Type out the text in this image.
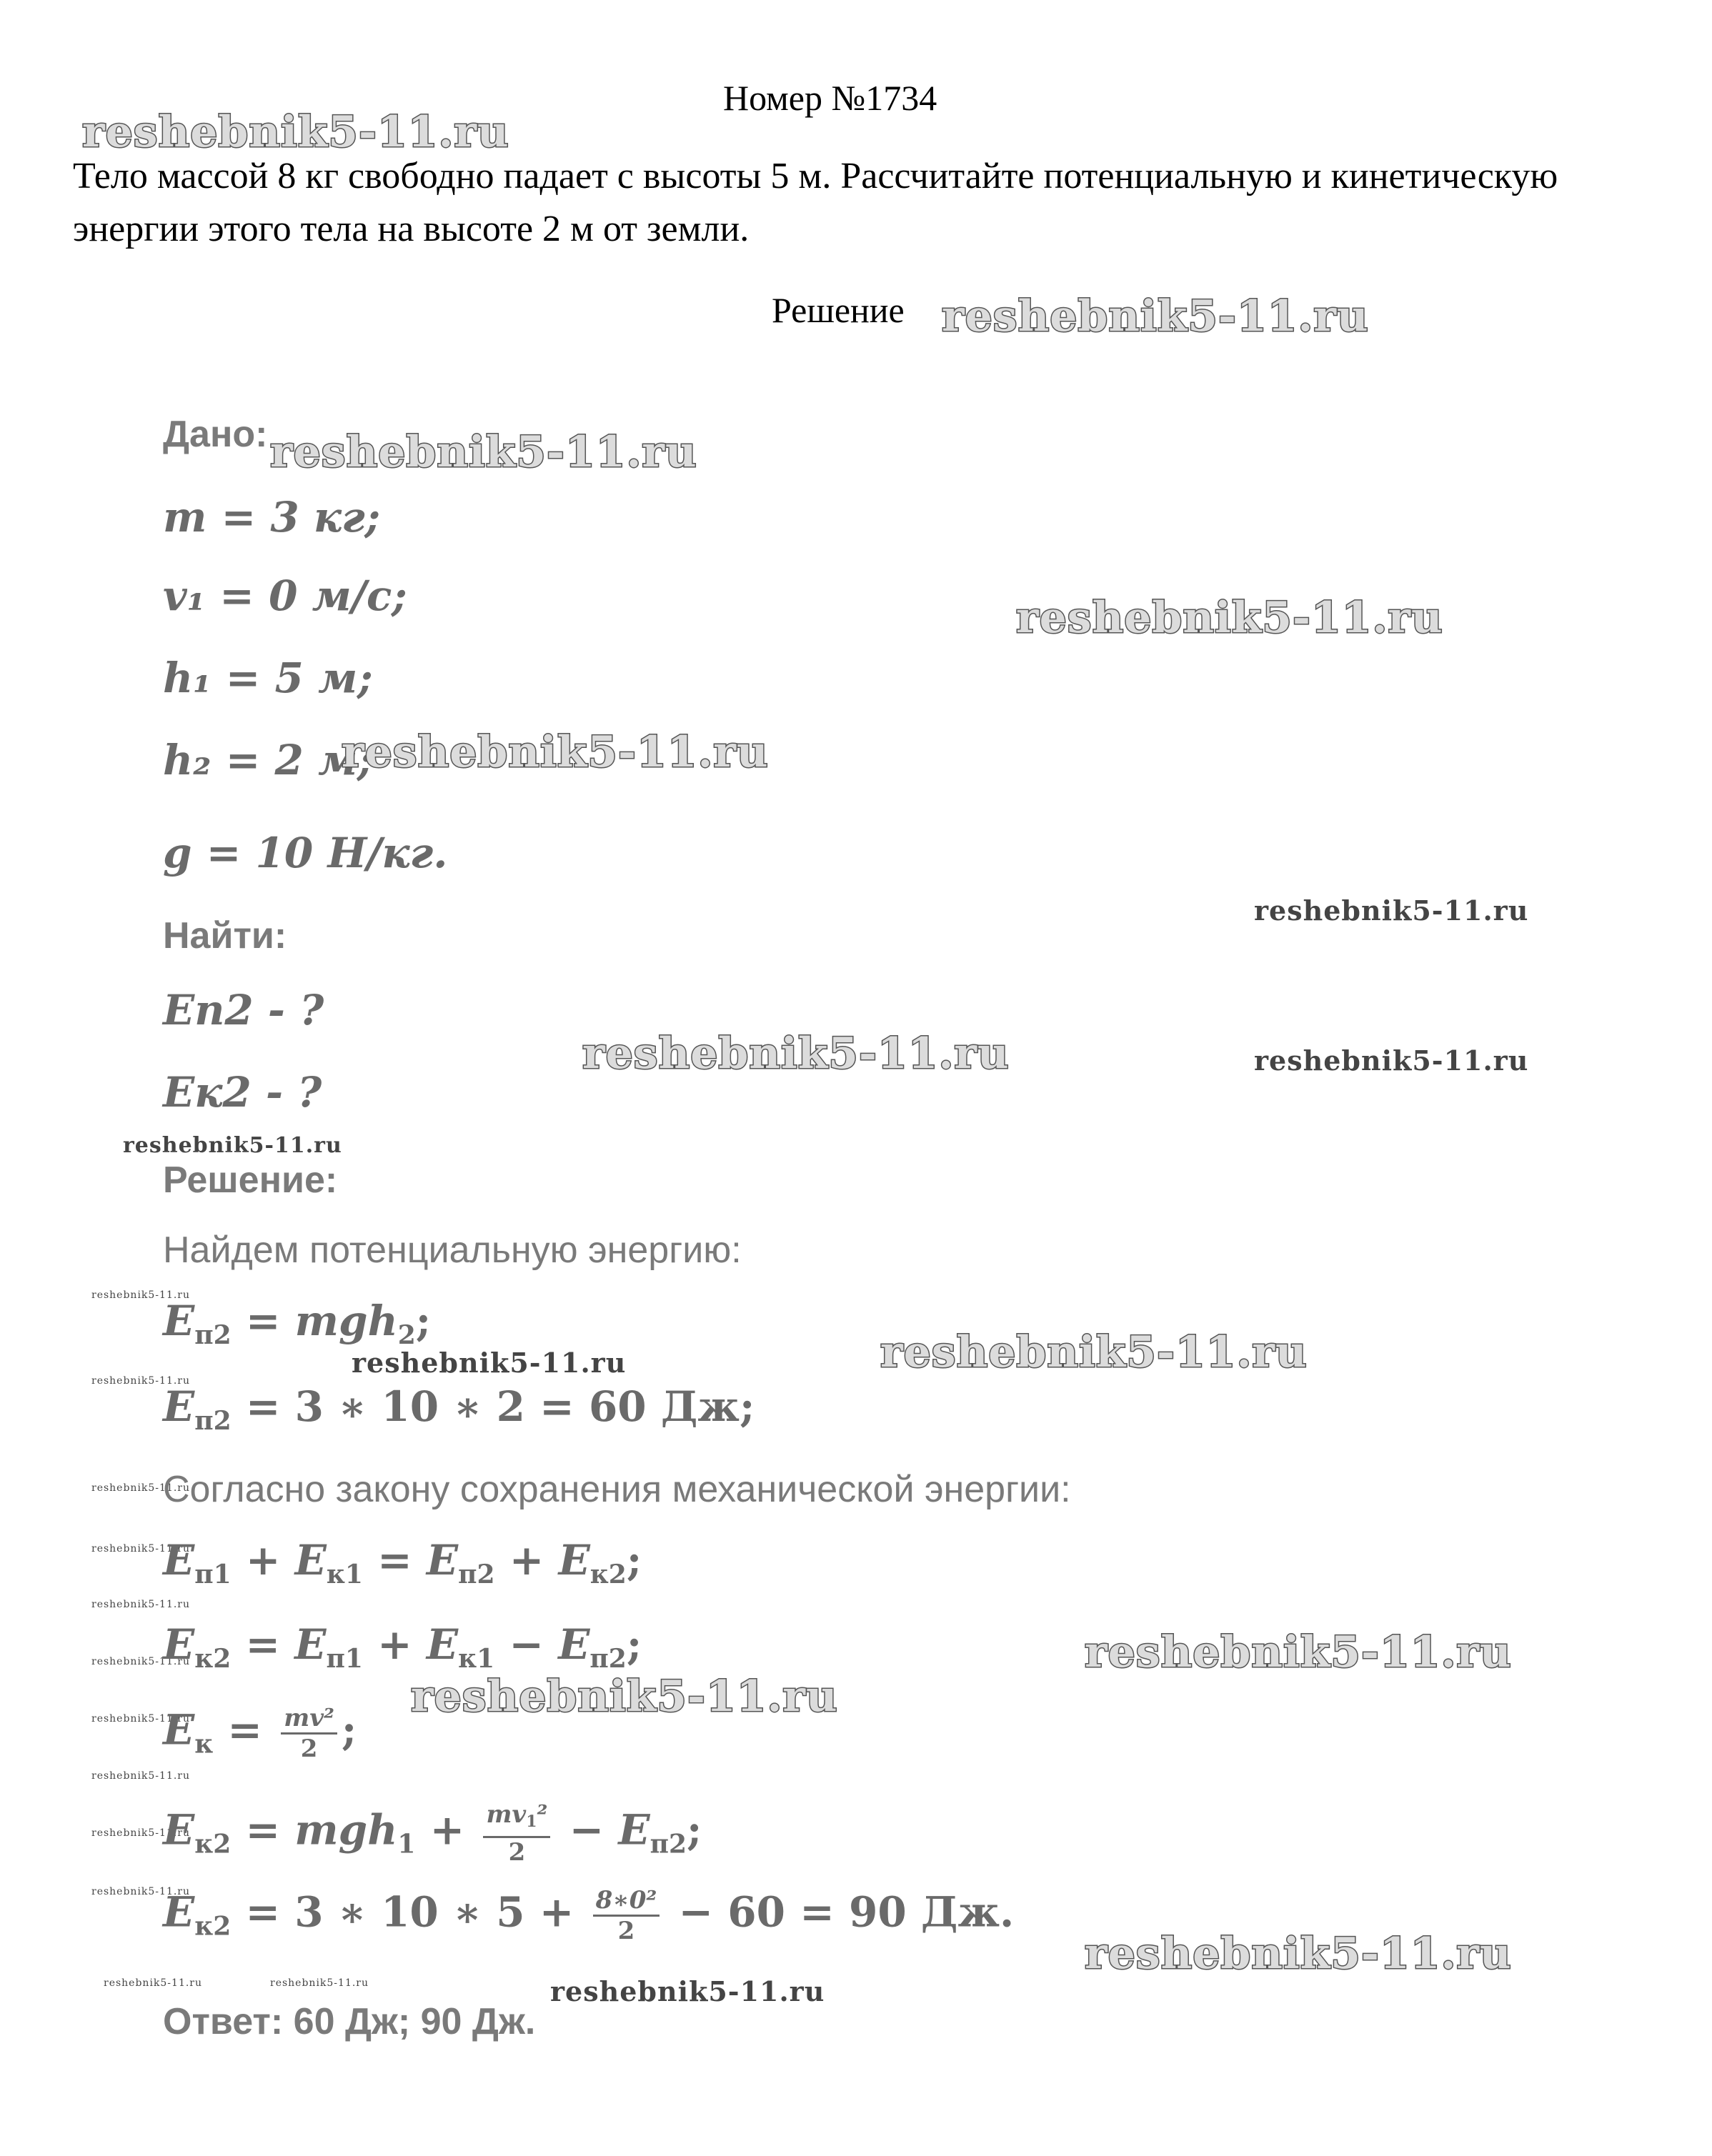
Номер №1734
reshebnik5-11.ru
Тело массой 8 кг свободно падает с высоты 5 м. Рассчитайте потенциальную и кинетическую энергии этого тела на высоте 2 м от земли.
Решение reshebnik5-11.ru
Дано: reshebnik5-11.ru
m = 3 кг;
v₁ = 0 м/с;	reshebnik5-11.ru
h₁ = 5 м;
h₂ = 2 м;
reshebnik5-11.ru
g = 10 Н/кг.
Найти:
reshebnik5-11.ru
Eп2 - ?
reshebnik5-11.ru	reshebnik5-11.ru
Eк2 - ?
reshebnik5-11.ru
Решение:
Найдем потенциальную энергию:
reshebnik5-11.ru
$E_{п2} = mgh_2$;
reshebnik5-11.ru	reshebnik5-11.ru
reshebnik5-11.ru
$E_{п2} = 3$ ∗ 10 ∗ 2 = 60 Дж;
reshebnik5-11.ru
Согласно закону сохранения механической энергии:
reshebnik5-11.ru
$E_{п1} + E_{к1} = E_{п2} + E_{к2}$;
reshebnik5-11.ru
reshebnik5-11.ru
$E_{к2} = E_{п1} + E_{к1} - E_{п2}$;	reshebnik5-11.ru
reshebnik5-11.ru
reshebnik5-11.ru
$E_к = \frac{\text{mv²}}{2}$ ;
reshebnik5-11.ru
reshebnik5-11.ru
$E_{к2} = mgh_1 + \frac{mv_1^2}{2} - E_{п2}$;
reshebnik5-11.ru
$E_{к2} = 3$ ∗ 10 ∗ $5 + \frac{\text{8∗0²}}{2} - 60 = 90$ Дж.
reshebnik5-11.ru
reshebnik5-11.ru	reshebnik5-11.ru	reshebnik5-11.ru
Ответ: 60 Дж; 90 Дж.
